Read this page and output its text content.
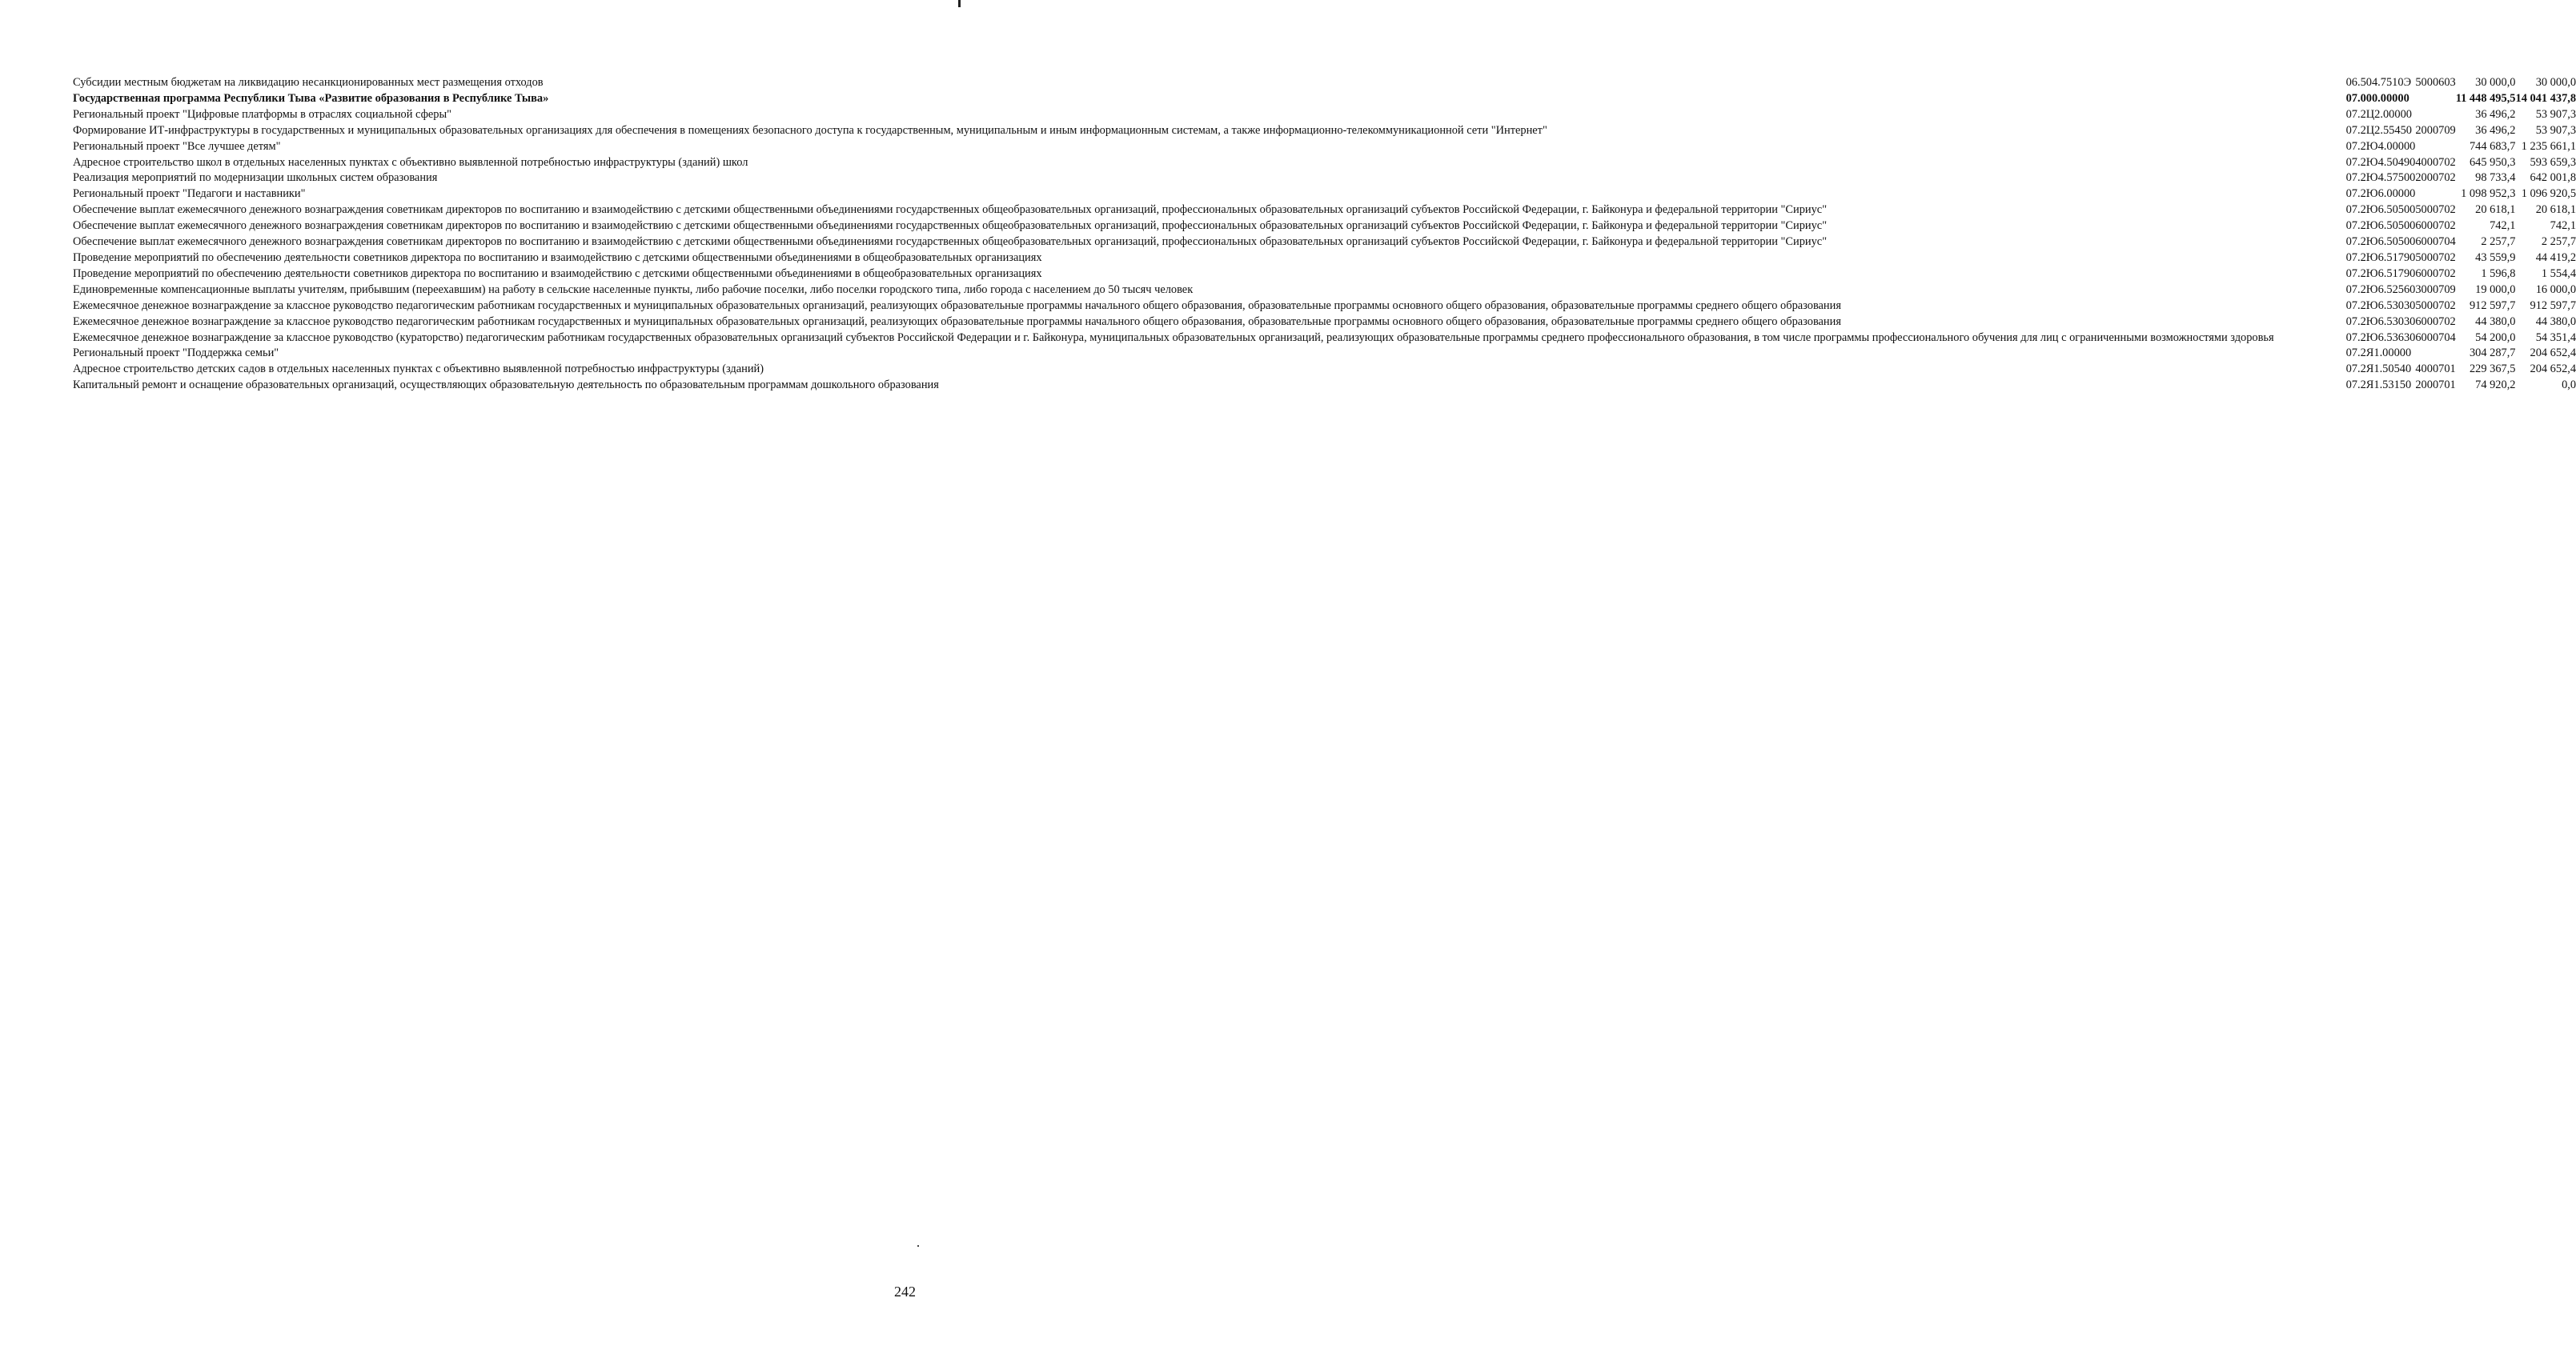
Субсидии местным бюджетам на ликвидацию несанкционированных мест размещения отходов	06.504.7510Э	500	06	03	30 000,0	30 000,0
Государственная программа Республики Тыва «Развитие образования в Республике Тыва»	07.000.00000				11 448 495,5	14 041 437,8
Региональный проект "Цифровые платформы в отраслях социальной сферы"	07.2Ц2.00000				36 496,2	53 907,3
Формирование ИТ-инфраструктуры в государственных и муниципальных образовательных организациях для обеспечения в помещениях безопасного доступа к государственным, муниципальным и иным информационным системам, а также информационно-телекоммуникационной сети "Интернет"	07.2Ц2.55450	200	07	09	36 496,2	53 907,3
Региональный проект "Все лучшее детям"	07.2Ю4.00000				744 683,7	1 235 661,1
Адресное строительство школ в отдельных населенных пунктах с объективно выявленной потребностью инфраструктуры (зданий) школ	07.2Ю4.50490	400	07	02	645 950,3	593 659,3
Реализация мероприятий по модернизации школьных систем образования	07.2Ю4.57500	200	07	02	98 733,4	642 001,8
Региональный проект "Педагоги и наставники"	07.2Ю6.00000				1 098 952,3	1 096 920,5
Обеспечение выплат ежемесячного денежного вознаграждения советникам директоров по воспитанию и взаимодействию с детскими общественными объединениями государственных общеобразовательных организаций, профессиональных образовательных организаций субъектов Российской Федерации, г. Байконура и федеральной территории "Сириус"	07.2Ю6.50500	500	07	02	20 618,1	20 618,1
Обеспечение выплат ежемесячного денежного вознаграждения советникам директоров по воспитанию и взаимодействию с детскими общественными объединениями государственных общеобразовательных организаций, профессиональных образовательных организаций субъектов Российской Федерации, г. Байконура и федеральной территории "Сириус"	07.2Ю6.50500	600	07	02	742,1	742,1
Обеспечение выплат ежемесячного денежного вознаграждения советникам директоров по воспитанию и взаимодействию с детскими общественными объединениями государственных общеобразовательных организаций, профессиональных образовательных организаций субъектов Российской Федерации, г. Байконура и федеральной территории "Сириус"	07.2Ю6.50500	600	07	04	2 257,7	2 257,7
Проведение мероприятий по обеспечению деятельности советников директора по воспитанию и взаимодействию с детскими общественными объединениями в общеобразовательных организациях	07.2Ю6.51790	500	07	02	43 559,9	44 419,2
Проведение мероприятий по обеспечению деятельности советников директора по воспитанию и взаимодействию с детскими общественными объединениями в общеобразовательных организациях	07.2Ю6.51790	600	07	02	1 596,8	1 554,4
Единовременные компенсационные выплаты учителям, прибывшим (переехавшим) на работу в сельские населенные пункты, либо рабочие поселки, либо поселки городского типа, либо города с населением до 50 тысяч человек	07.2Ю6.52560	300	07	09	19 000,0	16 000,0
Ежемесячное денежное вознаграждение за классное руководство педагогическим работникам государственных и муниципальных образовательных организаций, реализующих образовательные программы начального общего образования, образовательные программы основного общего образования, образовательные программы среднего общего образования	07.2Ю6.53030	500	07	02	912 597,7	912 597,7
Ежемесячное денежное вознаграждение за классное руководство педагогическим работникам государственных и муниципальных образовательных организаций, реализующих образовательные программы начального общего образования, образовательные программы основного общего образования, образовательные программы среднего общего образования	07.2Ю6.53030	600	07	02	44 380,0	44 380,0
Ежемесячное денежное вознаграждение за классное руководство (кураторство) педагогическим работникам государственных образовательных организаций субъектов Российской Федерации и г. Байконура, муниципальных образовательных организаций, реализующих образовательные программы среднего профессионального образования, в том числе программы профессионального обучения для лиц с ограниченными возможностями здоровья	07.2Ю6.53630	600	07	04	54 200,0	54 351,4
Региональный проект "Поддержка семьи"	07.2Я1.00000				304 287,7	204 652,4
Адресное строительство детских садов в отдельных населенных пунктах с объективно выявленной потребностью инфраструктуры (зданий)	07.2Я1.50540	400	07	01	229 367,5	204 652,4
Капитальный ремонт и оснащение образовательных организаций, осуществляющих образовательную деятельность по образовательным программам дошкольного образования	07.2Я1.53150	200	07	01	74 920,2	0,0
242
